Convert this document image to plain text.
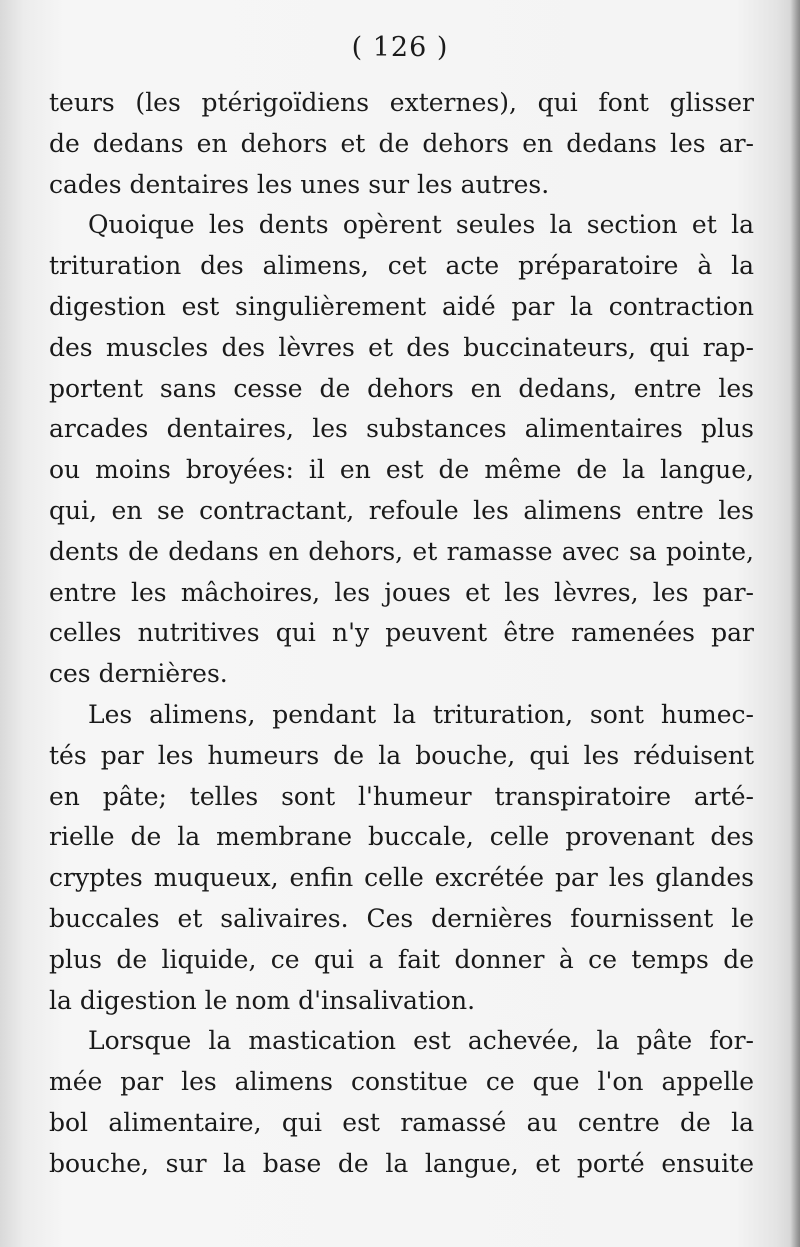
( 126 )
teurs (les ptérigoïdiens externes), qui font glisser
de dedans en dehors et de dehors en dedans les ar-
cades dentaires les unes sur les autres.
Quoique les dents opèrent seules la section et la
trituration des alimens, cet acte préparatoire à la
digestion est singulièrement aidé par la contraction
des muscles des lèvres et des buccinateurs, qui rap-
portent sans cesse de dehors en dedans, entre les
arcades dentaires, les substances alimentaires plus
ou moins broyées: il en est de même de la langue,
qui, en se contractant, refoule les alimens entre les
dents de dedans en dehors, et ramasse avec sa pointe,
entre les mâchoires, les joues et les lèvres, les par-
celles nutritives qui n'y peuvent être ramenées par
ces dernières.
Les alimens, pendant la trituration, sont humec-
tés par les humeurs de la bouche, qui les réduisent
en pâte; telles sont l'humeur transpiratoire arté-
rielle de la membrane buccale, celle provenant des
cryptes muqueux, enfin celle excrétée par les glandes
buccales et salivaires. Ces dernières fournissent le
plus de liquide, ce qui a fait donner à ce temps de
la digestion le nom d'insalivation.
Lorsque la mastication est achevée, la pâte for-
mée par les alimens constitue ce que l'on appelle
bol alimentaire, qui est ramassé au centre de la
bouche, sur la base de la langue, et porté ensuite
